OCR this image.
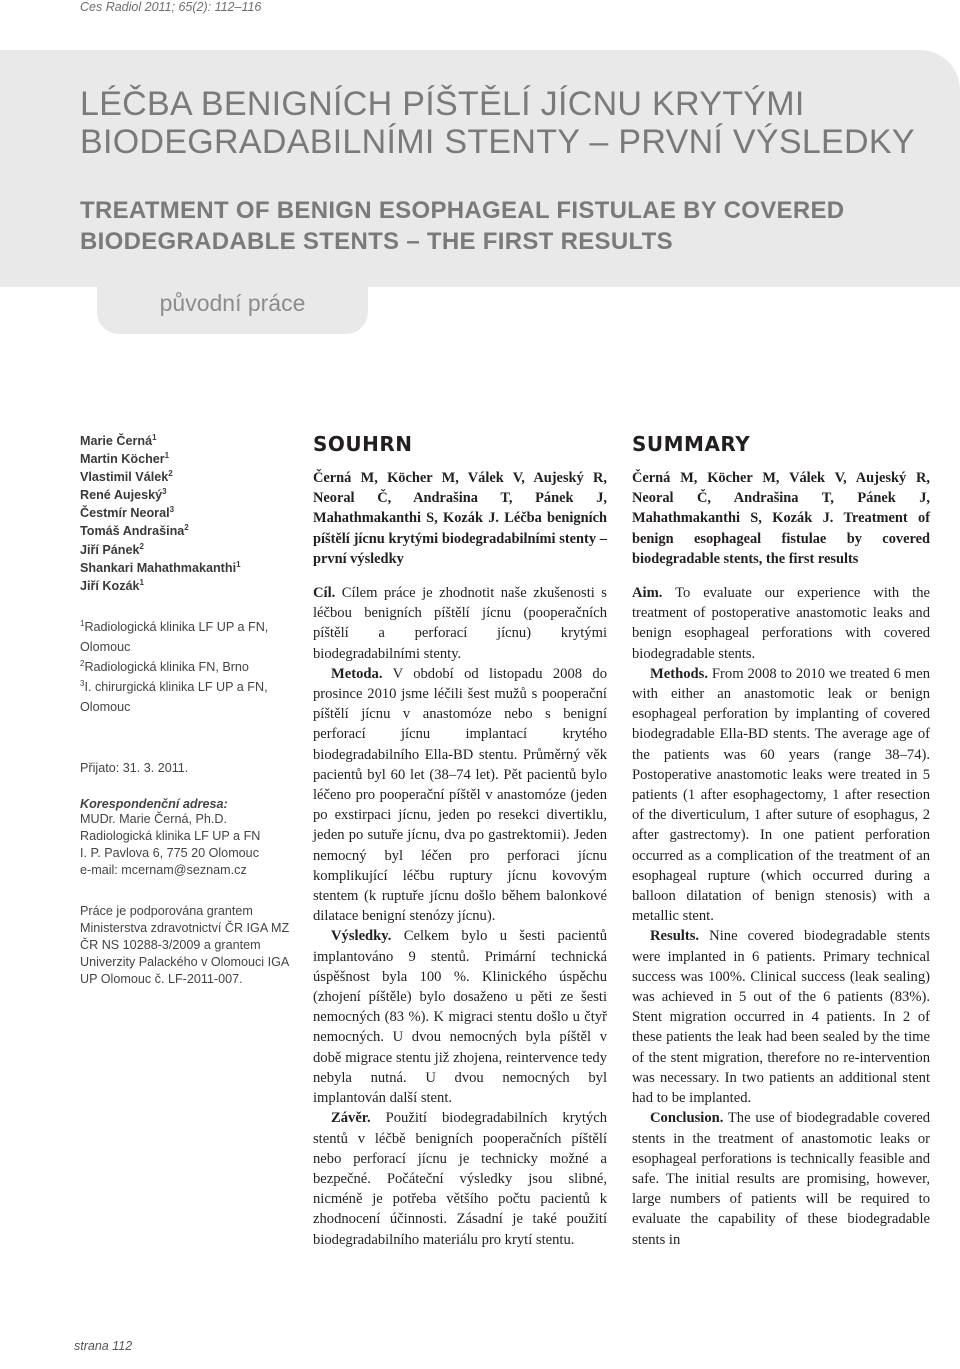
Ces Radiol 2011; 65(2): 112–116
původní práce
LÉČBA BENIGNÍCH PÍŠTĚLÍ JÍCNU KRYTÝMI BIODEGRADABILNÍMI STENTY – PRVNÍ VÝSLEDKY
TREATMENT OF BENIGN ESOPHAGEAL FISTULAE BY COVERED BIODEGRADABLE STENTS – THE FIRST RESULTS
Marie Černá$^1$
Martin Köcher$^1$
Vlastimil Válek$^2$
René Aujeský$^3$
Čestmír Neoral$^3$
Tomáš Andrašina$^2$
Jiří Pánek$^2$
Shankari Mahathmakanthi$^1$
Jiří Kozák$^1$
$^1$Radiologická klinika LF UP a FN, Olomouc
$^2$Radiologická klinika FN, Brno
$^3$I. chirurgická klinika LF UP a FN, Olomouc
Přijato: 31. 3. 2011.
Korespondenční adresa:
MUDr. Marie Černá, Ph.D.
Radiologická klinika LF UP a FN
I. P. Pavlova 6, 775 20 Olomouc
e-mail: mcernam@seznam.cz
Práce je podporována grantem Ministerstva zdravotnictví ČR IGA MZ ČR NS 10288-3/2009 a grantem Univerzity Palackého v Olomouci IGA UP Olomouc č. LF-2011-007.
SOUHRN

Černá M, Köcher M, Válek V, Aujeský R, Neoral Č, Andrašina T, Pánek J, Mahathmakanthi S, Kozák J. Léčba benigních píštělí jícnu krytými biodegradabilními stenty – první výsledky

Cíl. Cílem práce je zhodnotit naše zkušenosti s léčbou benigních píštělí jícnu (pooperačních píštělí a perforací jícnu) krytými biodegradabilními stenty.

Metoda. V období od listopadu 2008 do prosince 2010 jsme léčili šest mužů s pooperační píštělí jícnu v anastomóze nebo s benigní perforací jícnu implantací krytého biodegradabilního Ella-BD stentu. Průměrný věk pacientů byl 60 let (38–74 let). Pět pacientů bylo léčeno pro pooperační píštěl v anastomóze (jeden po exstirpaci jícnu, jeden po resekci divertiklu, jeden po sutuře jícnu, dva po gastrektomii). Jeden nemocný byl léčen pro perforaci jícnu komplikující léčbu ruptury jícnu kovovým stentem (k ruptuře jícnu došlo během balonkové dilatace benigní stenózy jícnu).

Výsledky. Celkem bylo u šesti pacientů implantováno 9 stentů. Primární technická úspěšnost byla 100 %. Klinického úspěchu (zhojení píštěle) bylo dosaženo u pěti ze šesti nemocných (83 %). K migraci stentu došlo u čtyř nemocných. U dvou nemocných byla píštěl v době migrace stentu již zhojena, reintervence tedy nebyla nutná. U dvou nemocných byl implantován další stent.

Závěr. Použití biodegradabilních krytých stentů v léčbě benigních pooperačních píštělí nebo perforací jícnu je technicky možné a bezpečné. Počáteční výsledky jsou slibné, nicméně je potřeba většího počtu pacientů k zhodnocení účinnosti. Zásadní je také použití biodegradabilního materiálu pro krytí stentu.

SUMMARY

Černá M, Köcher M, Válek V, Aujeský R, Neoral Č, Andrašina T, Pánek J, Mahathmakanthi S, Kozák J. Treatment of benign esophageal fistulae by covered biodegradable stents, the first results

Aim. To evaluate our experience with the treatment of postoperative anastomotic leaks and benign esophageal perforations with covered biodegradable stents.

Methods. From 2008 to 2010 we treated 6 men with either an anastomotic leak or benign esophageal perforation by implanting of covered biodegradable Ella-BD stents. The average age of the patients was 60 years (range 38–74). Postoperative anastomotic leaks were treated in 5 patients (1 after esophagectomy, 1 after resection of the diverticulum, 1 after suture of esophagus, 2 after gastrectomy). In one patient perforation occurred as a complication of the treatment of an esophageal rupture (which occurred during a balloon dilatation of benign stenosis) with a metallic stent.

Results. Nine covered biodegradable stents were implanted in 6 patients. Primary technical success was 100%. Clinical success (leak sealing) was achieved in 5 out of the 6 patients (83%). Stent migration occurred in 4 patients. In 2 of these patients the leak had been sealed by the time of the stent migration, therefore no re-intervention was necessary. In two patients an additional stent had to be implanted.

Conclusion. The use of biodegradable covered stents in the treatment of anastomotic leaks or esophageal perforations is technically feasible and safe. The initial results are promising, however, large numbers of patients will be required to evaluate the capability of these biodegradable stents in

strana 112
